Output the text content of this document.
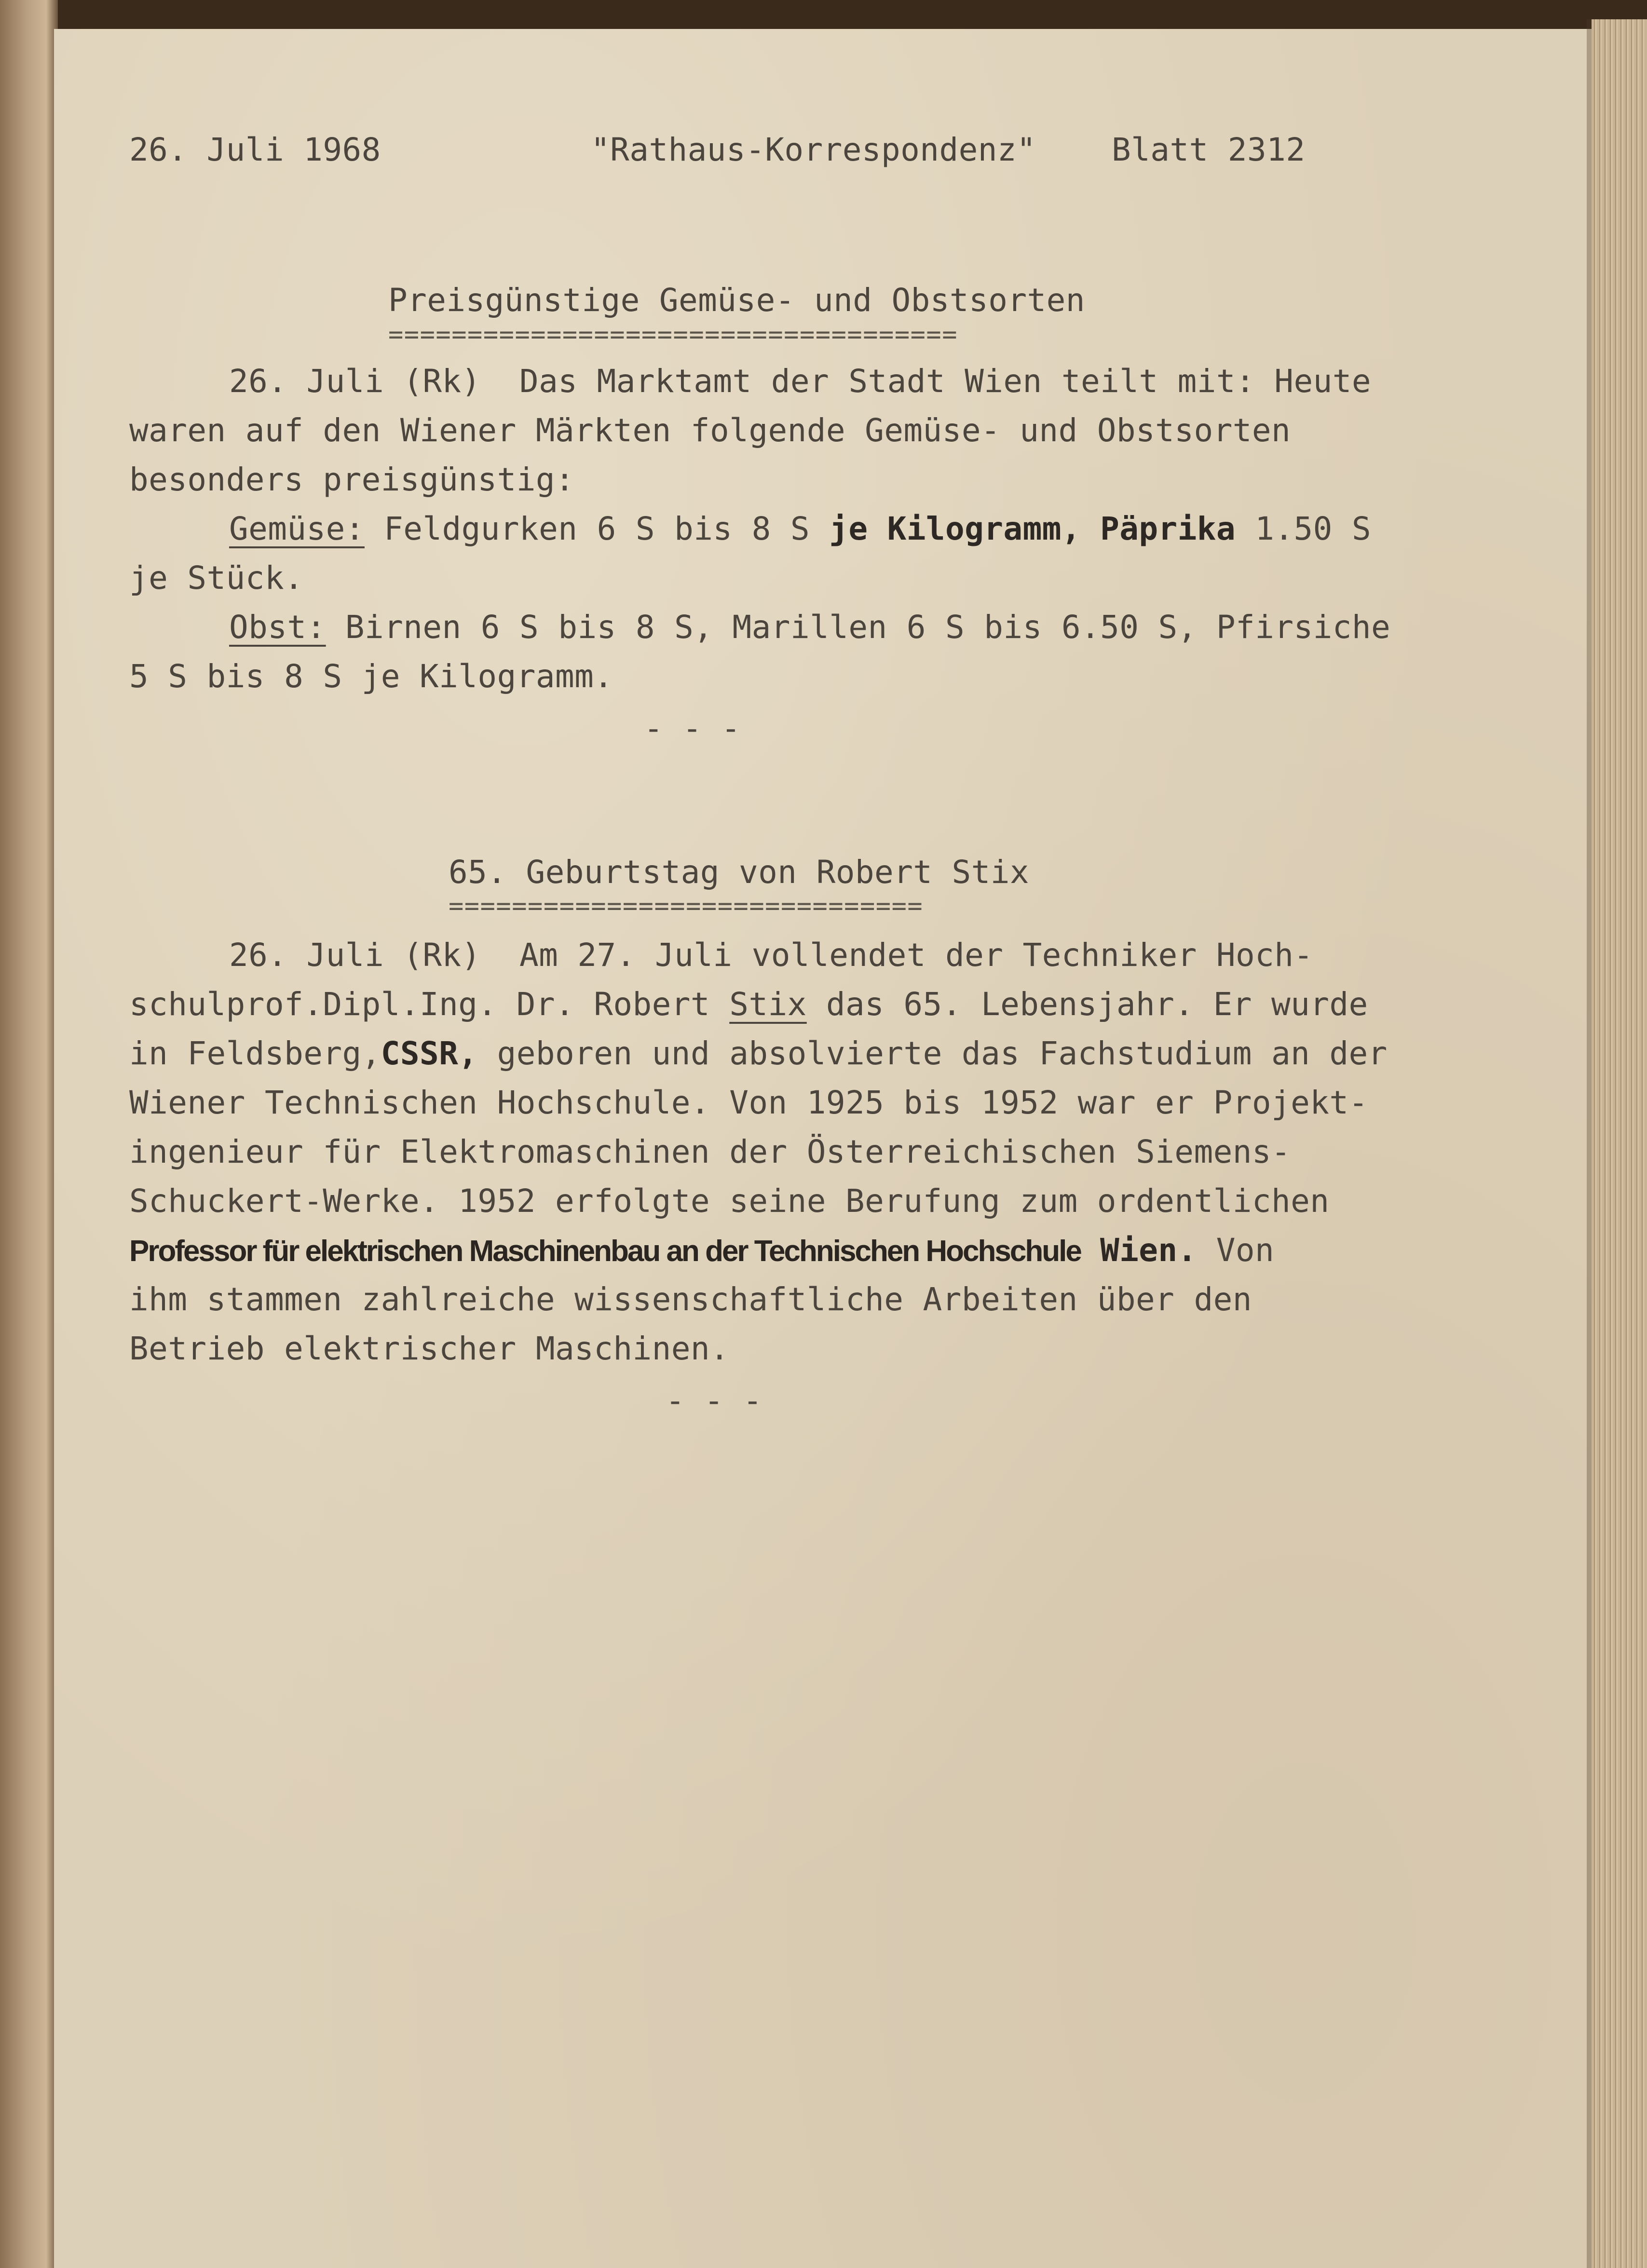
26. Juli 1968	"Rathaus-Korrespondenz" Blatt 2312
Preisgünstige Gemüse- und Obstsorten
====================================
26. Juli (Rk)  Das Marktamt der Stadt Wien teilt mit: Heute
waren auf den Wiener Märkten folgende Gemüse- und Obstsorten
besonders preisgünstig:
Gemüse: Feldgurken 6 S bis 8 S je Kilogramm, Päprika 1.50 S
je Stück.
Obst: Birnen 6 S bis 8 S, Marillen 6 S bis 6.50 S, Pfirsiche
5 S bis 8 S je Kilogramm.
- - -
65. Geburtstag von Robert Stix
==============================
26. Juli (Rk)  Am 27. Juli vollendet der Techniker Hoch-
schulprof.Dipl.Ing. Dr. Robert Stix das 65. Lebensjahr. Er wurde
in Feldsberg,CSSR, geboren und absolvierte das Fachstudium an der
Wiener Technischen Hochschule. Von 1925 bis 1952 war er Projekt-
ingenieur für Elektromaschinen der Österreichischen Siemens-
Schuckert-Werke. 1952 erfolgte seine Berufung zum ordentlichen
Professor für elektrischen Maschinenbau an der Technischen Hochschule Wien. Von
ihm stammen zahlreiche wissenschaftliche Arbeiten über den
Betrieb elektrischer Maschinen.
- - -
